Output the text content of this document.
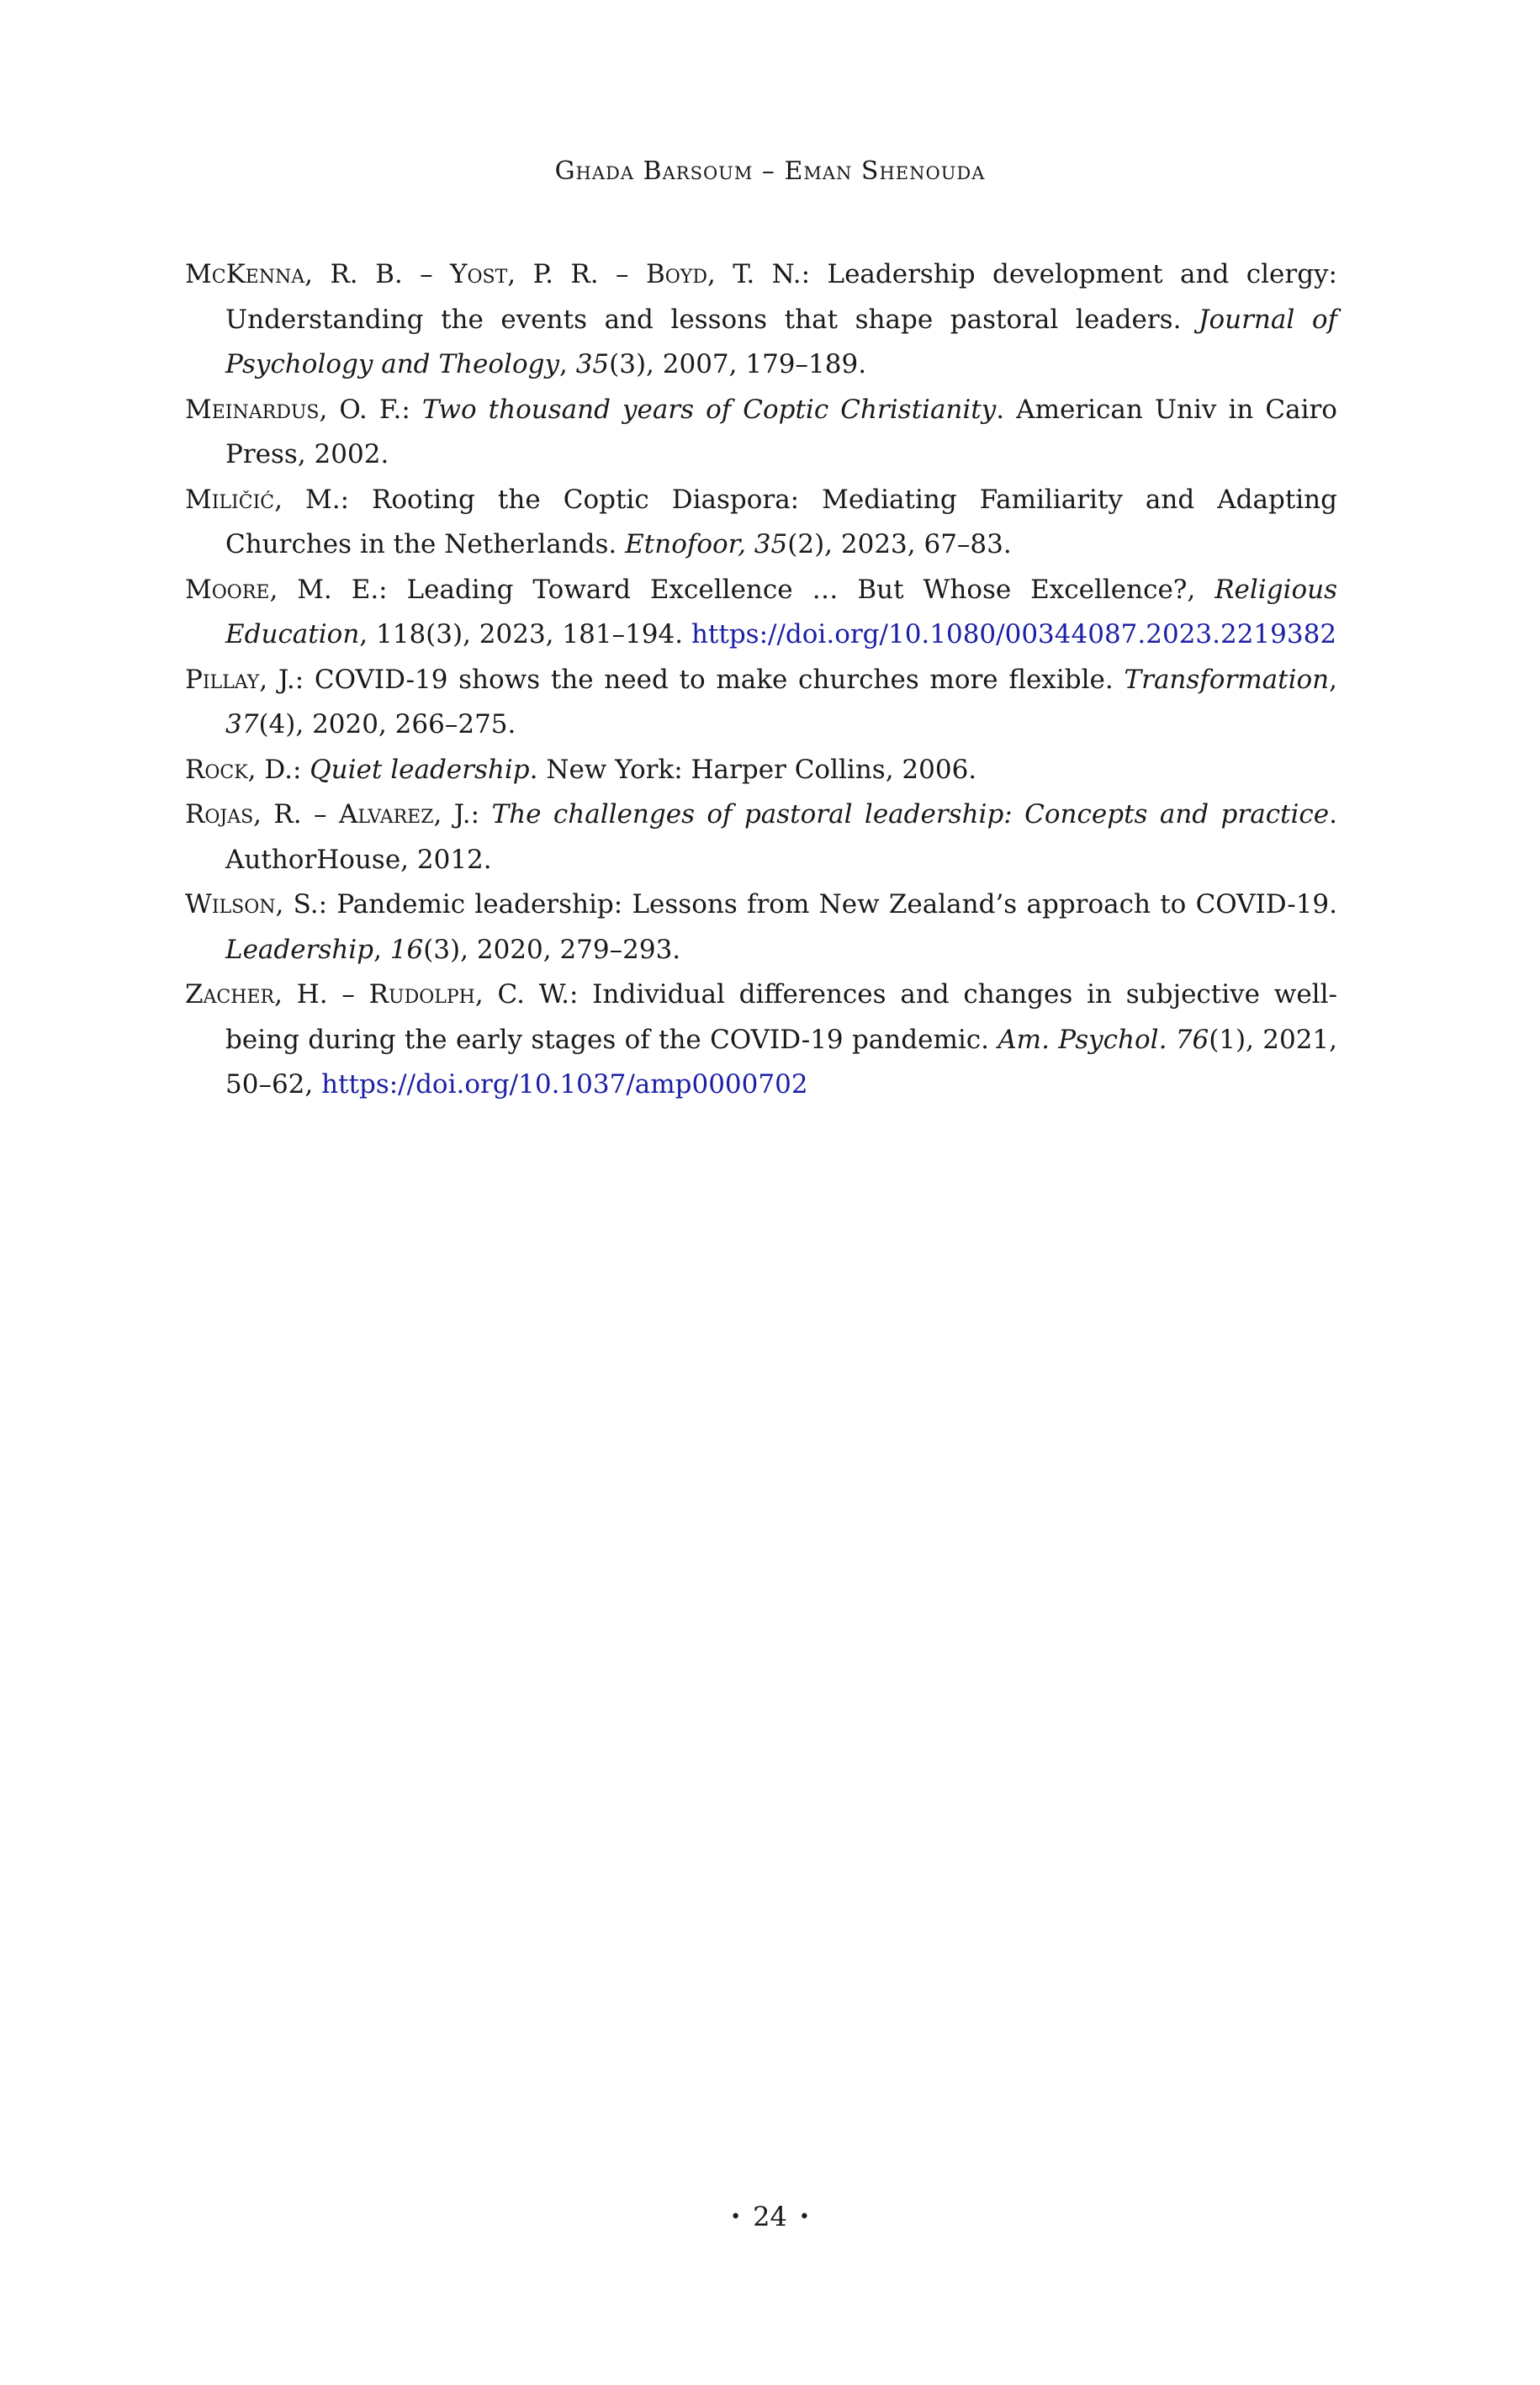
Ghada Barsoum – Eman Shenouda

McKenna, R. B. – Yost, P. R. – Boyd, T. N.: Leadership development and clergy: Understanding the events and lessons that shape pastoral leaders. Journal of Psychology and Theology, 35(3), 2007, 179–189.

Meinardus, O. F.: Two thousand years of Coptic Christianity. American Univ in Cairo Press, 2002.

Miličić, M.: Rooting the Coptic Diaspora: Mediating Familiarity and Adapting Churches in the Netherlands. Etnofoor, 35(2), 2023, 67–83.

Moore, M. E.: Leading Toward Excellence … But Whose Excellence?, Religious Education, 118(3), 2023, 181–194. https://doi.org/10.1080/00344087.2023.2219382

Pillay, J.: COVID-19 shows the need to make churches more flexible. Transformation, 37(4), 2020, 266–275.

Rock, D.: Quiet leadership. New York: Harper Collins, 2006.

Rojas, R. – Alvarez, J.: The challenges of pastoral leadership: Concepts and practice. AuthorHouse, 2012.

Wilson, S.: Pandemic leadership: Lessons from New Zealand’s approach to COVID-19. Leadership, 16(3), 2020, 279–293.

Zacher, H. – Rudolph, C. W.: Individual differences and changes in subjective well-being during the early stages of the COVID-19 pandemic. Am. Psychol. 76(1), 2021, 50–62, https://doi.org/10.1037/amp0000702

• 24 •
